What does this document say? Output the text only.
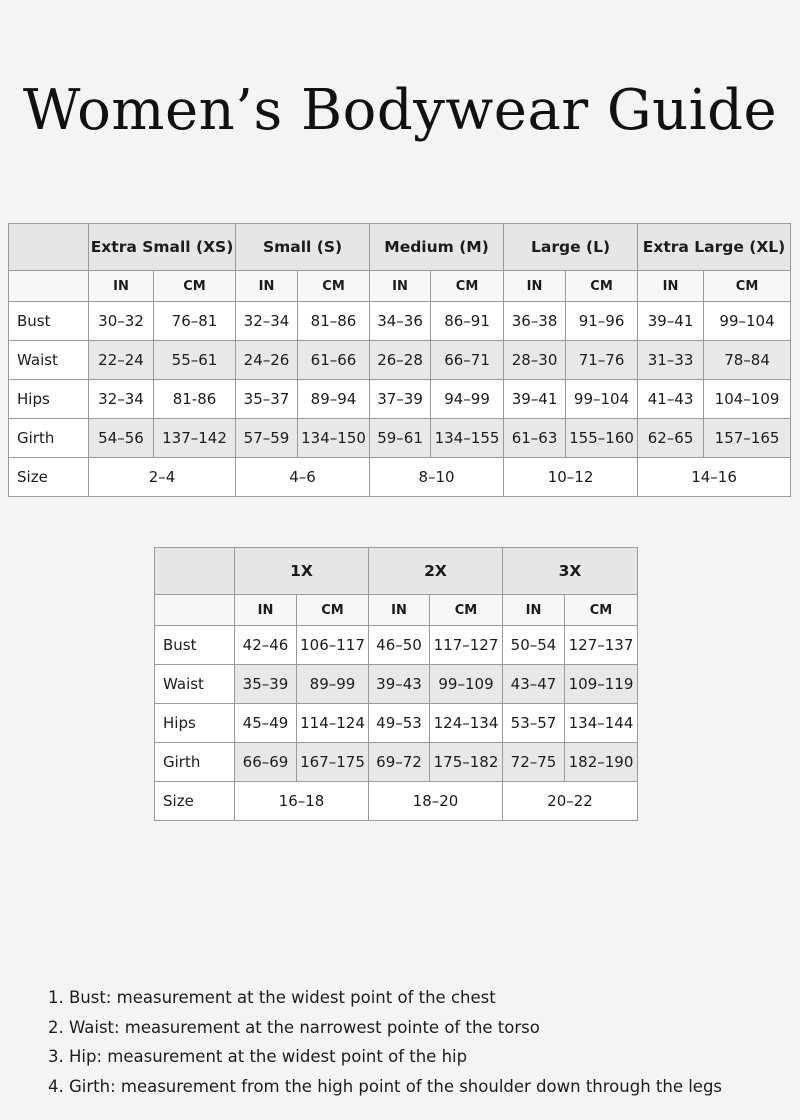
Women’s Bodywear Guide
	Extra Small (XS)		Small (S)		Medium (M)		Large (L)		Extra Large (XL)	
	IN	CM	IN	CM	IN	CM	IN	CM	IN	CM
Bust	30–32	76–81	32–34	81–86	34–36	86–91	36–38	91–96	39–41	99–104
Waist	22–24	55–61	24–26	61–66	26–28	66–71	28–30	71–76	31–33	78–84
Hips	32–34	81-86	35–37	89–94	37–39	94–99	39–41	99–104	41–43	104–109
Girth	54–56	137–142	57–59	134–150	59–61	134–155	61–63	155–160	62–65	157–165
Size	2–4		4–6		8–10		10–12		14–16	
	1X		2X		3X	
	IN	CM	IN	CM	IN	CM
Bust	42–46	106–117	46–50	117–127	50–54	127–137
Waist	35–39	89–99	39–43	99–109	43–47	109–119
Hips	45–49	114–124	49–53	124–134	53–57	134–144
Girth	66–69	167–175	69–72	175–182	72–75	182–190
Size	16–18		18–20		20–22	
1. Bust: measurement at the widest point of the chest
2. Waist: measurement at the narrowest pointe of the torso
3. Hip: measurement at the widest point of the hip
4. Girth: measurement from the high point of the shoulder down through the legs
